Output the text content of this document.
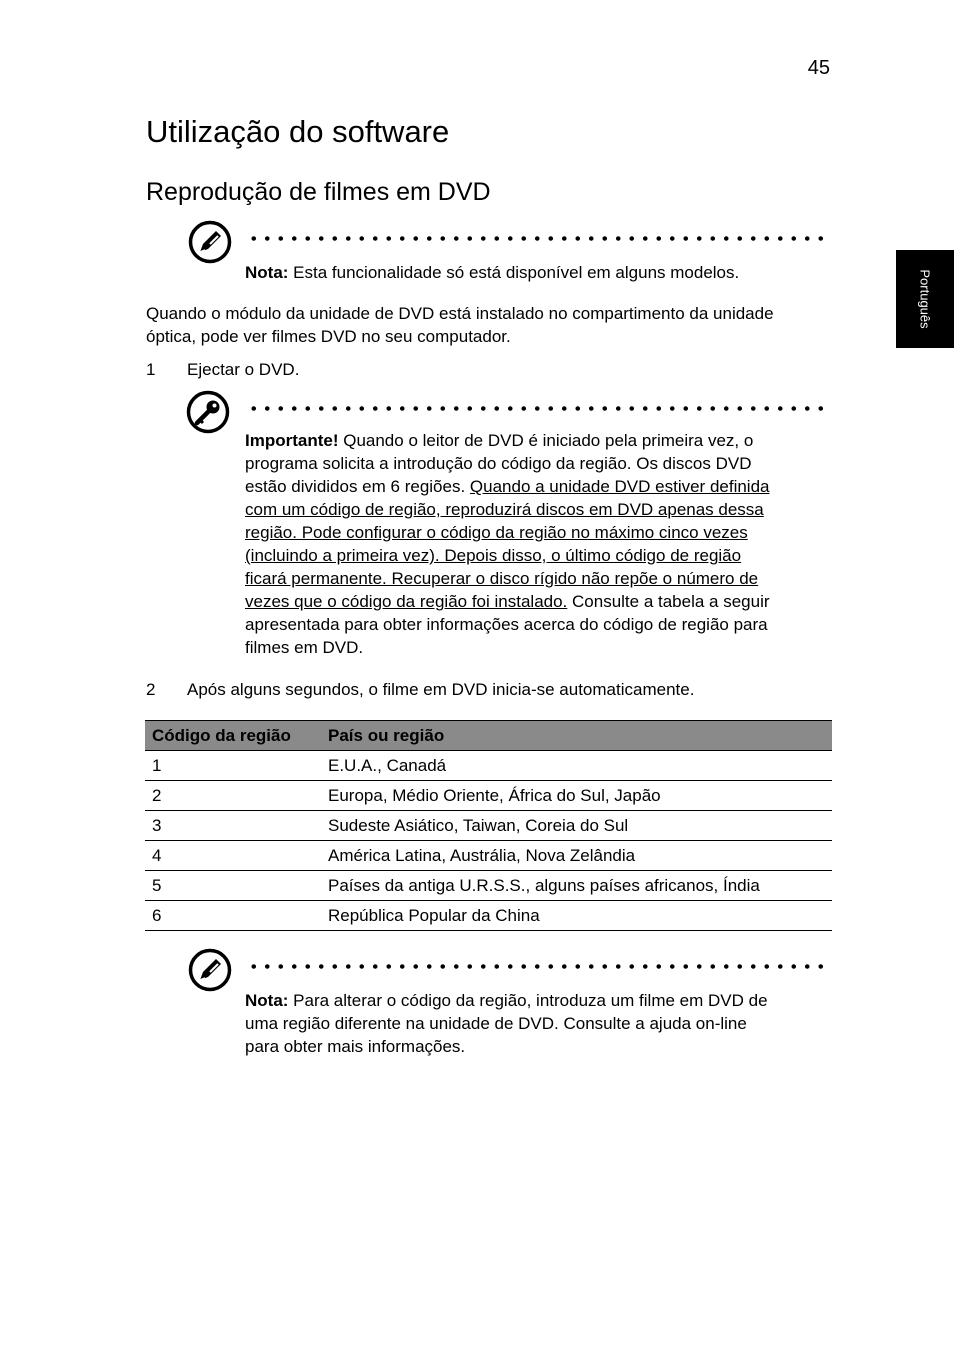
45
Utilização do software
Reprodução de filmes em DVD
Português
Nota: Esta funcionalidade só está disponível em alguns modelos.
Quando o módulo da unidade de DVD está instalado no compartimento da unidade
óptica, pode ver filmes DVD no seu computador.
1 Ejectar o DVD.
Importante! Quando o leitor de DVD é iniciado pela primeira vez, o
programa solicita a introdução do código da região. Os discos DVD
estão divididos em 6 regiões. Quando a unidade DVD estiver definida
com um código de região, reproduzirá discos em DVD apenas dessa
região. Pode configurar o código da região no máximo cinco vezes
(incluindo a primeira vez). Depois disso, o último código de região
ficará permanente. Recuperar o disco rígido não repõe o número de
vezes que o código da região foi instalado. Consulte a tabela a seguir
apresentada para obter informações acerca do código de região para
filmes em DVD.
2 Após alguns segundos, o filme em DVD inicia-se automaticamente.
Código da região	País ou região
1	E.U.A., Canadá
2	Europa, Médio Oriente, África do Sul, Japão
3	Sudeste Asiático, Taiwan, Coreia do Sul
4	América Latina, Austrália, Nova Zelândia
5	Países da antiga U.R.S.S., alguns países africanos, Índia
6	República Popular da China
Nota: Para alterar o código da região, introduza um filme em DVD de
uma região diferente na unidade de DVD. Consulte a ajuda on-line
para obter mais informações.
